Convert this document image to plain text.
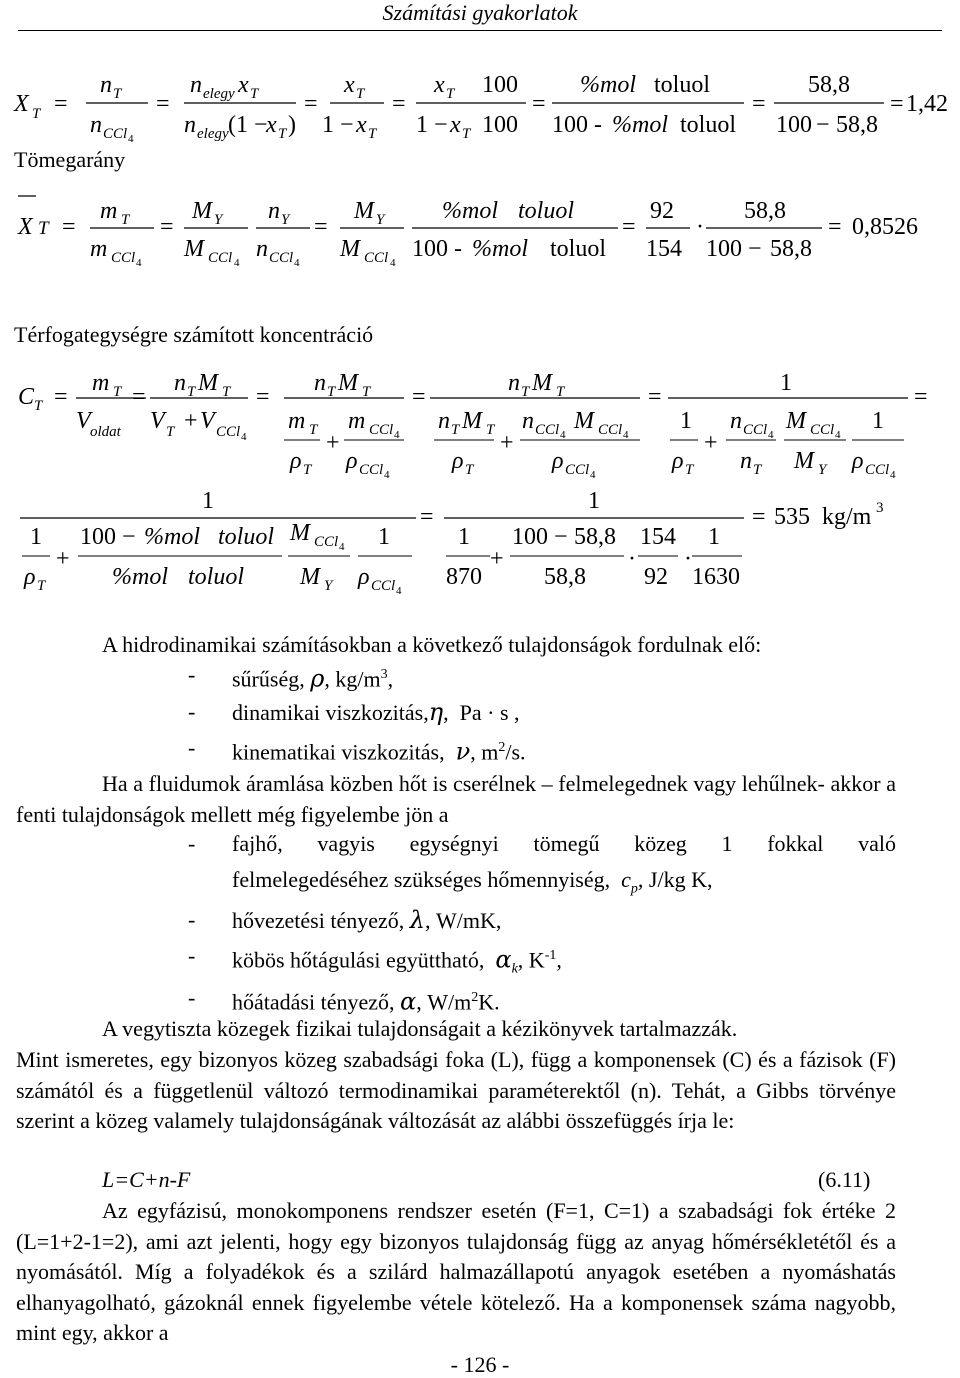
Számítási gyakorlatok
X T =
n T
n CCl 4
=
n elegy x T
n elegy (1 −
x T )
=
x T
1 − x T
=
x T 100
1 − x T 100
=
%mol toluol
100 - %mol toluol
=
58,8
100 − 58,8
= 1,42
Tömegarány
X T =
m T
m CCl 4
=
M Y
M CCl 4
n Y
n CCl 4
=
M Y
M CCl 4
%mol toluol
100 - %mol toluol
=
92
154
·
58,8
100 − 58,8
= 0,8526
Térfogategységre számított koncentráció
C T =
m T
V oldat
=
n T M T
V T + V CCl 4
=
n T M T
m T
ρ T
+
m CCl 4
ρ CCl 4
=
n T M T
n T M T
ρ T
+
n CCl 4
M CCl 4
ρ CCl 4
=
1
1
ρ T
+
n CCl 4
n T
M CCl 4
M Y
1
ρ CCl 4
=
1
1
ρ T
+
100 − %mol toluol
%mol toluol
M CCl 4
M Y
1
ρ CCl 4
=
1
1
870
+
100 − 58,8
58,8
·
154
92
·
1
1630
= 535 kg/m 3
A hidrodinamikai számításokban a következő tulajdonságok fordulnak elő:
- sűrűség, ρ, $kg/m^3$,
- dinamikai viszkozitás,η,  Pa · s ,
- kinematikai viszkozitás, ν, $m^2/s$.
Ha a fluidumok áramlása közben hőt is cserélnek – felmelegednek vagy lehűlnek- akkor a fenti tulajdonságok mellett még figyelembe jön a
- fajhő, vagyis egységnyi tömegű közeg 1 fokkal való
felmelegedéséhez szükséges hőmennyiség, $c_p$, J/kg K,
- hővezetési tényező, λ, W/mK,
- köbös hőtágulási együttható, $\alpha_k$, $K^{-1}$,
- hőátadási tényező, α, $W/m^2K$.
A vegytiszta közegek fizikai tulajdonságait a kézikönyvek tartalmazzák.
Mint ismeretes, egy bizonyos közeg szabadsági foka (L), függ a komponensek (C) és a fázisok (F) számától és a függetlenül változó termodinamikai paraméterektől (n). Tehát, a Gibbs törvénye szerint a közeg valamely tulajdonságának változását az alábbi összefüggés írja le:
L=C+n-F	(6.11)
Az egyfázisú, monokomponens rendszer esetén (F=1, C=1) a szabadsági fok értéke 2 (L=1+2-1=2), ami azt jelenti, hogy egy bizonyos tulajdonság függ az anyag hőmérsékletétől és a nyomásától. Míg a folyadékok és a szilárd halmazállapotú anyagok esetében a nyomáshatás elhanyagolható, gázoknál ennek figyelembe vétele kötelező. Ha a komponensek száma nagyobb, mint egy, akkor a
- 126 -
